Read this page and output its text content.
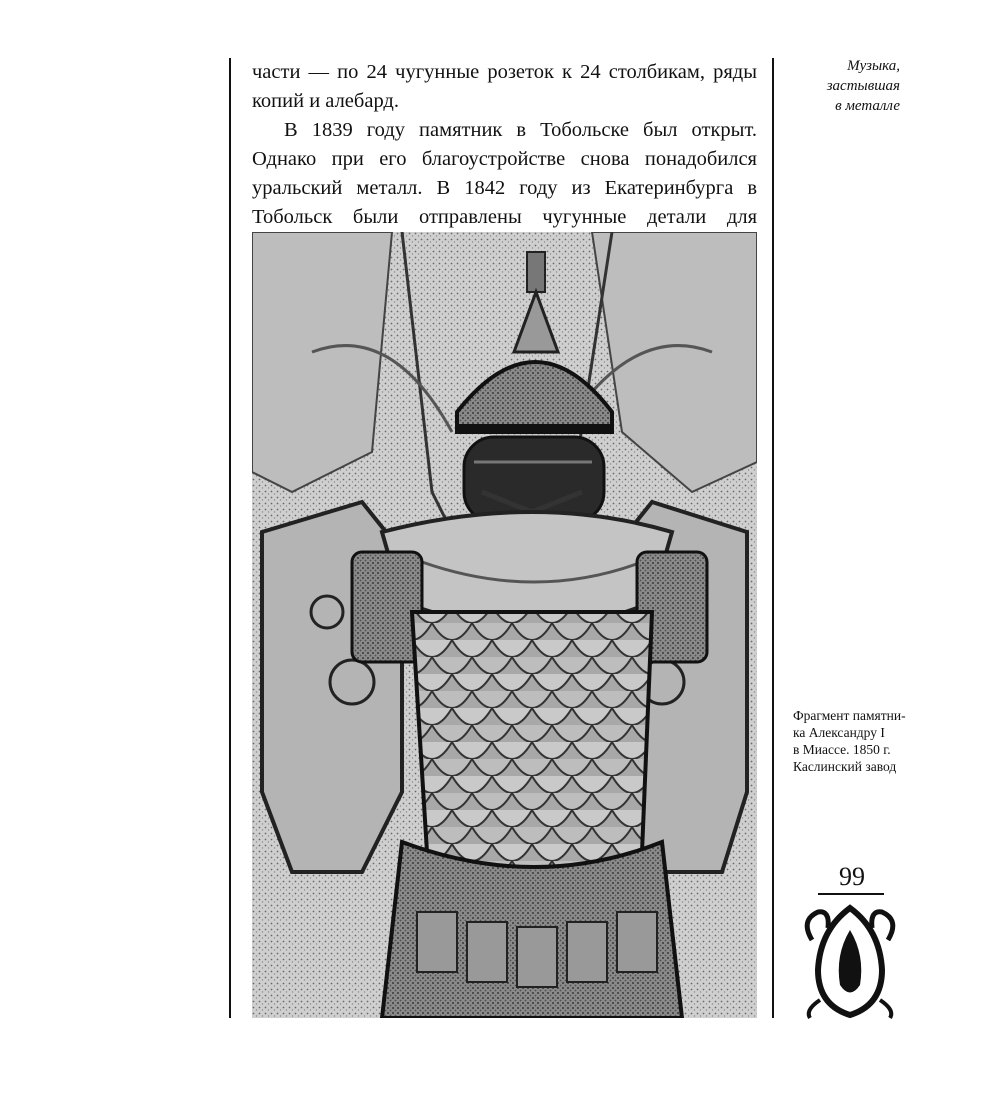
части — по 24 чугунные розеток к 24 столбикам, ряды копий и алебард.

В 1839 году памятник в Тобольске был открыт. Однако при его благоустройстве снова понадобился уральский металл. В 1842 году из Екатеринбурга в Тобольск были отправлены чугунные детали для

Музыка,
застывшая
в металле
Фрагмент памятни-
ка Александру I
в Миассе. 1850 г.
Каслинский завод
99
